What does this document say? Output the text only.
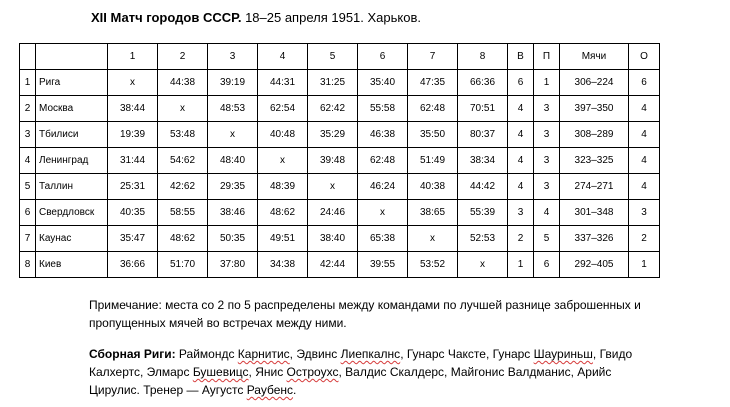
XII Матч городов СССР. 18–25 апреля 1951. Харьков.
		1	2	3	4	5	6	7	8	В	П	Мячи	О
1	Рига	x	44:38	39:19	44:31	31:25	35:40	47:35	66:36	6	1	306–224	6
2	Москва	38:44	x	48:53	62:54	62:42	55:58	62:48	70:51	4	3	397–350	4
3	Тбилиси	19:39	53:48	x	40:48	35:29	46:38	35:50	80:37	4	3	308–289	4
4	Ленинград	31:44	54:62	48:40	x	39:48	62:48	51:49	38:34	4	3	323–325	4
5	Таллин	25:31	42:62	29:35	48:39	x	46:24	40:38	44:42	4	3	274–271	4
6	Свердловск	40:35	58:55	38:46	48:62	24:46	x	38:65	55:39	3	4	301–348	3
7	Каунас	35:47	48:62	50:35	49:51	38:40	65:38	x	52:53	2	5	337–326	2
8	Киев	36:66	51:70	37:80	34:38	42:44	39:55	53:52	x	1	6	292–405	1
Примечание: места со 2 по 5 распределены между командами по лучшей разнице заброшенных и пропущенных мячей во встречах между ними.
Сборная Риги: Раймондс Карнитис, Эдвинс Лиепкалнс, Гунарс Чаксте, Гунарс Шауриньш, Гвидо Калхертс, Элмарс Бушевицс, Янис Остроухс, Валдис Скалдерс, Майгонис Валдманис, Арийс Цирулис. Тренер — Аугустс Раубенс.
